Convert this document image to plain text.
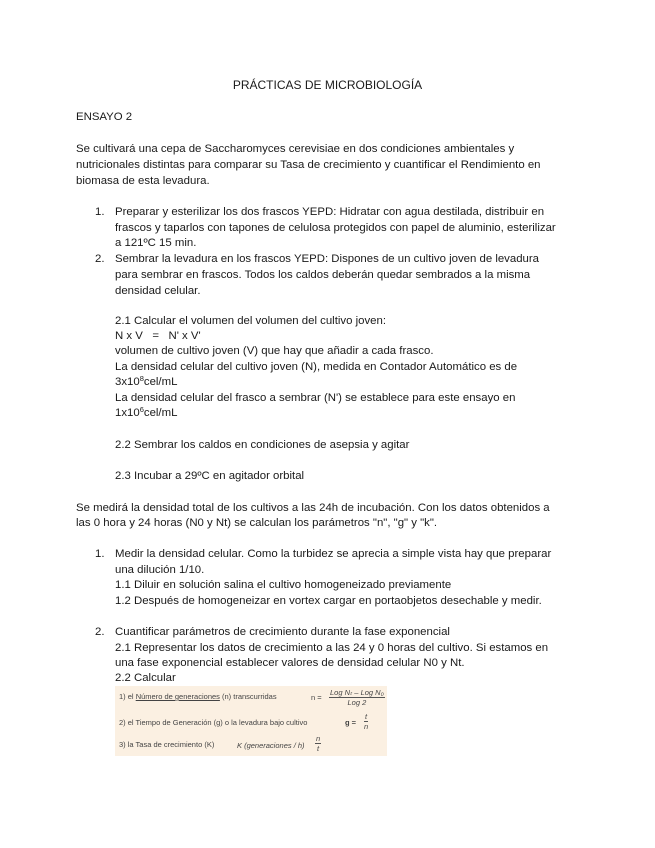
PRÁCTICAS DE MICROBIOLOGÍA
ENSAYO 2
Se cultivará una cepa de Saccharomyces cerevisiae en dos condiciones ambientales y
nutricionales distintas para comparar su Tasa de crecimiento y cuantificar el Rendimiento en
biomasa de esta levadura.
1. Preparar y esterilizar los dos frascos YEPD: Hidratar con agua destilada, distribuir en
frascos y taparlos con tapones de celulosa protegidos con papel de aluminio, esterilizar
a 121ºC 15 min.
2. Sembrar la levadura en los frascos YEPD: Dispones de un cultivo joven de levadura
para sembrar en frascos. Todos los caldos deberán quedar sembrados a la misma
densidad celular.
2.1 Calcular el volumen del volumen del cultivo joven:
N x V   =   N' x V'
volumen de cultivo joven (V) que hay que añadir a cada frasco.
La densidad celular del cultivo joven (N), medida en Contador Automático es de
$3x10^8cel/mL$
La densidad celular del frasco a sembrar (N') se establece para este ensayo en
$1x10^6cel/mL$
2.2 Sembrar los caldos en condiciones de asepsia y agitar
2.3 Incubar a 29ºC en agitador orbital
Se medirá la densidad total de los cultivos a las 24h de incubación. Con los datos obtenidos a
las 0 hora y 24 horas (N0 y Nt) se calculan los parámetros "n", "g" y "k".
1. Medir la densidad celular. Como la turbidez se aprecia a simple vista hay que preparar
una dilución 1/10.
1.1 Diluir en solución salina el cultivo homogeneizado previamente
1.2 Después de homogeneizar en vortex cargar en portaobjetos desechable y medir.
2. Cuantificar parámetros de crecimiento durante la fase exponencial
2.1 Representar los datos de crecimiento a las 24 y 0 horas del cultivo. Si estamos en
una fase exponencial establecer valores de densidad celular N0 y Nt.
2.2 Calcular
1) el Número de generaciones (n) transcurridas	$n = \frac{\text{Log Nₜ – Log N₀}}{\text{Log 2}}$
2) el Tiempo de Generación (g) o la levadura bajo cultivo	$g = \frac{t}{n}$
3) la Tasa de crecimiento (K)	K (generaciones / $h) \frac{n}{t}$
